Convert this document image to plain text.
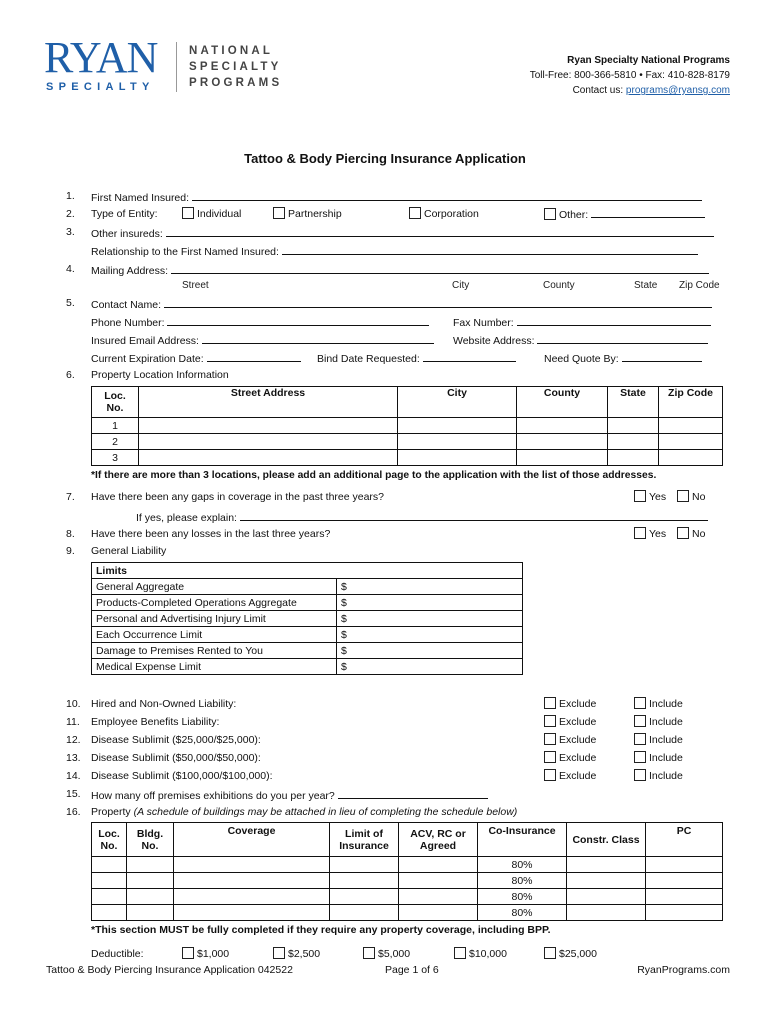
RYAN
SPECIALTY
NATIONAL
SPECIALTY
PROGRAMS
Ryan Specialty National Programs
Toll-Free: 800-366-5810 • Fax: 410-828-8179
Contact us: programs@ryansg.com
Tattoo & Body Piercing Insurance Application
1. First Named Insured:
2. Type of Entity:	Individual	Partnership	Corporation	Other:
3. Other insureds:
Relationship to the First Named Insured:
4. Mailing Address:
Street	City	County	State Zip Code
5. Contact Name:
Phone Number:	Fax Number:
Insured Email Address:	Website Address:
Current Expiration Date:	Bind Date Requested:	Need Quote By:
6. Property Location Information
Loc. No.	Street Address	City	County	State	Zip Code
1					
2					
3					
*If there are more than 3 locations, please add an additional page to the application with the list of those addresses.
7. Have there been any gaps in coverage in the past three years?	Yes	No
If yes, please explain:
8. Have there been any losses in the last three years?	Yes	No
9. General Liability
Limits	
General Aggregate	$
Products-Completed Operations Aggregate	$
Personal and Advertising Injury Limit	$
Each Occurrence Limit	$
Damage to Premises Rented to You	$
Medical Expense Limit	$
10. Hired and Non-Owned Liability:	Exclude	Include
11. Employee Benefits Liability:	Exclude	Include
12. Disease Sublimit ($25,000/$25,000):	Exclude	Include
13. Disease Sublimit ($50,000/$50,000):	Exclude	Include
14. Disease Sublimit ($100,000/$100,000):	Exclude	Include
15. How many off premises exhibitions do you per year?
16. Property (A schedule of buildings may be attached in lieu of completing the schedule below)
Loc. No.	Bldg. No.	Coverage	Limit of Insurance	ACV, RC or Agreed	Co-Insurance	Constr. Class	PC
					80%		
					80%		
					80%		
					80%		
*This section MUST be fully completed if they require any property coverage, including BPP.
Deductible:	$1,000	$2,500	$5,000	$10,000	$25,000
Tattoo & Body Piercing Insurance Application 042522	Page 1 of 6	RyanPrograms.com
